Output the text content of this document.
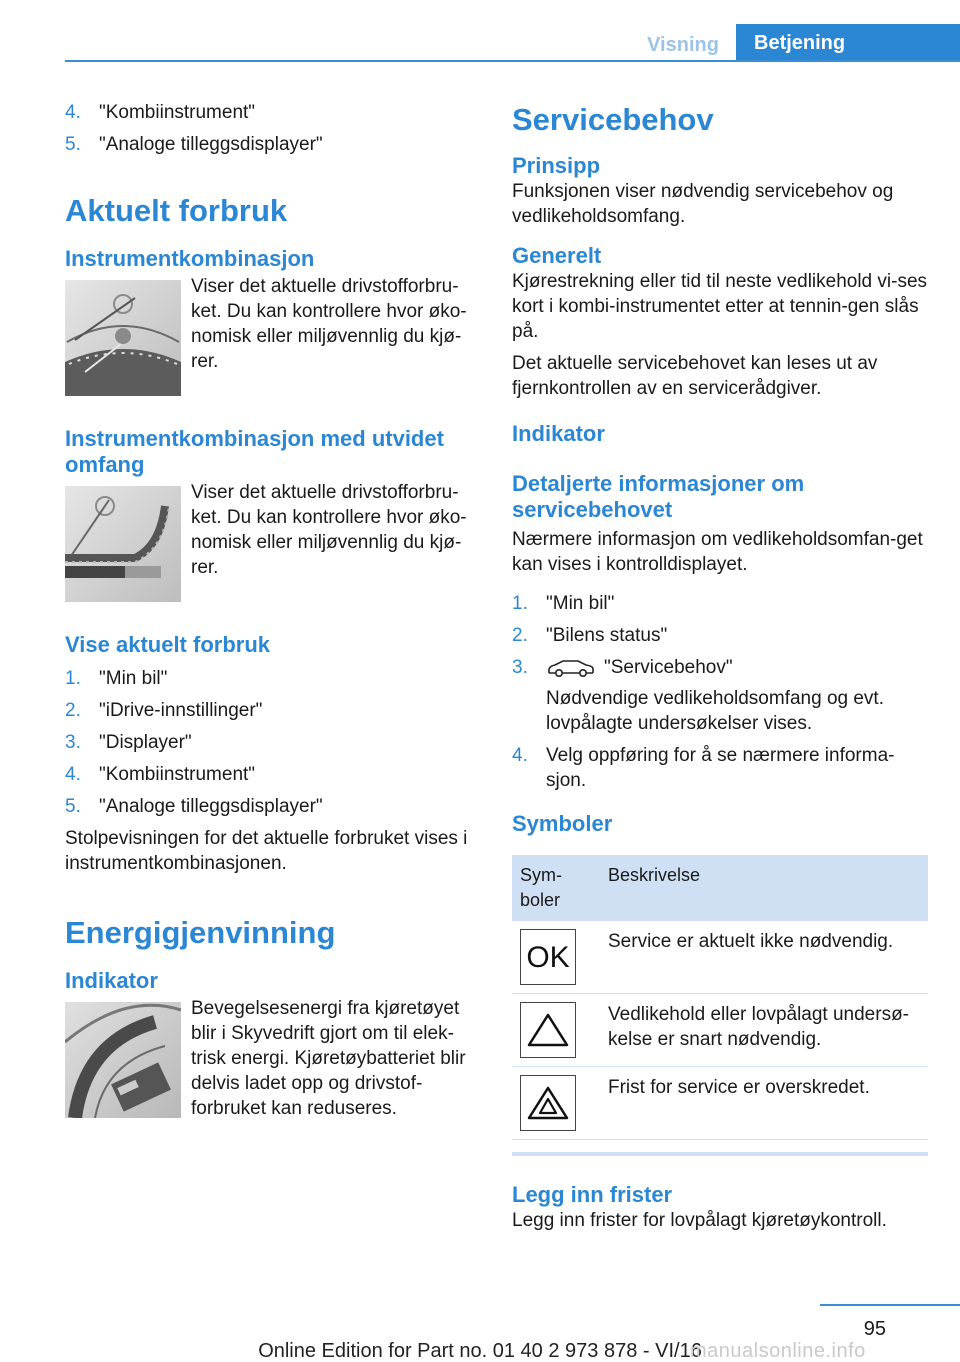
Visning	Betjening
4. "Kombiinstrument"
5. "Analoge tilleggsdisplayer"
Aktuelt forbruk
Instrumentkombinasjon
Viser det aktuelle drivstofforbru‐ket. Du kan kontrollere hvor øko‐nomisk eller miljøvennlig du kjø‐rer.
Instrumentkombinasjon med utvidet omfang
Viser det aktuelle drivstofforbru‐ket. Du kan kontrollere hvor øko‐nomisk eller miljøvennlig du kjø‐rer.
Vise aktuelt forbruk
1. "Min bil"
2. "iDrive-innstillinger"
3. "Displayer"
4. "Kombiinstrument"
5. "Analoge tilleggsdisplayer"
Stolpevisningen for det aktuelle forbruket vises i instrumentkombinasjonen.
Energigjenvinning
Indikator
Bevegelsesenergi fra kjøretøyet blir i Skyvedrift gjort om til elek‐trisk energi. Kjøretøybatteriet blir delvis ladet opp og drivstof‐forbruket kan reduseres.
Servicebehov
Prinsipp
Funksjonen viser nødvendig servicebehov og vedlikeholdsomfang.
Generelt
Kjørestrekning eller tid til neste vedlikehold vi‐ses kort i kombi-instrumentet etter at tennin‐gen slås på.
Det aktuelle servicebehovet kan leses ut av fjernkontrollen av en servicerådgiver.
Indikator
Detaljerte informasjoner om servicebehovet
Nærmere informasjon om vedlikeholdsomfan‐get kan vises i kontrolldisplayet.
1. "Min bil"
2. "Bilens status"
3.	"Servicebehov"
Nødvendige vedlikeholdsomfang og evt. lovpålagte undersøkelser vises.
4. Velg oppføring for å se nærmere informa‐sjon.
Symboler
Sym‐boler	Beskrivelse

OK	Service er aktuelt ikke nødvendig.

	Vedlikehold eller lovpålagt undersø‐kelse er snart nødvendig.

	Frist for service er overskredet.
Legg inn frister
Legg inn frister for lovpålagt kjøretøykontroll.
95
Online Edition for Part no. 01 40 2 973 878 - VI/16
manualsonline.info
